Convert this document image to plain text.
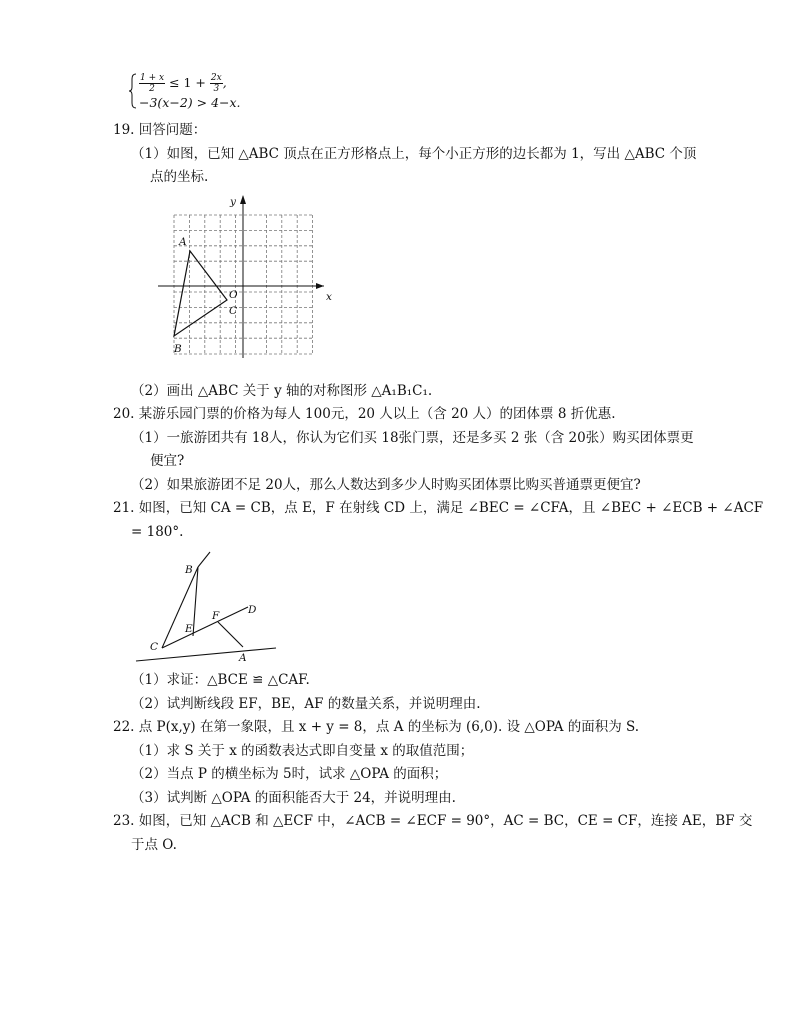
$\frac{1 + x}{2} \le 1 + \frac{2x}{3}$ ,
−3(x−2) > 4−x.
19. 回答问题：
（1）如图，已知 △ABC 顶点在正方形格点上，每个小正方形的边长都为 1，写出 △ABC 个顶
点的坐标.
y
x
A
O
C
B
（2）画出 △ABC 关于 y 轴的对称图形 △A₁B₁C₁.
20. 某游乐园门票的价格为每人 100元，20 人以上（含 20 人）的团体票 8 折优惠.
（1）一旅游团共有 18人，你认为它们买 18张门票，还是多买 2 张（含 20张）购买团体票更
便宜?
（2）如果旅游团不足 20人，那么人数达到多少人时购买团体票比购买普通票更便宜?
21. 如图，已知 CA = CB，点 E，F 在射线 CD 上，满足 ∠BEC = ∠CFA，且 ∠BEC + ∠ECB + ∠ACF
= 180°.
B
D
F
E
C
A
（1）求证：△BCE ≌ △CAF.
（2）试判断线段 EF，BE，AF 的数量关系，并说明理由.
22. 点 P(x,y) 在第一象限，且 x + y = 8，点 A 的坐标为 (6,0). 设 △OPA 的面积为 S.
（1）求 S 关于 x 的函数表达式即自变量 x 的取值范围；
（2）当点 P 的横坐标为 5时，试求 △OPA 的面积；
（3）试判断 △OPA 的面积能否大于 24，并说明理由.
23. 如图，已知 △ACB 和 △ECF 中，∠ACB = ∠ECF = 90°，AC = BC，CE = CF，连接 AE，BF 交
于点 O.
